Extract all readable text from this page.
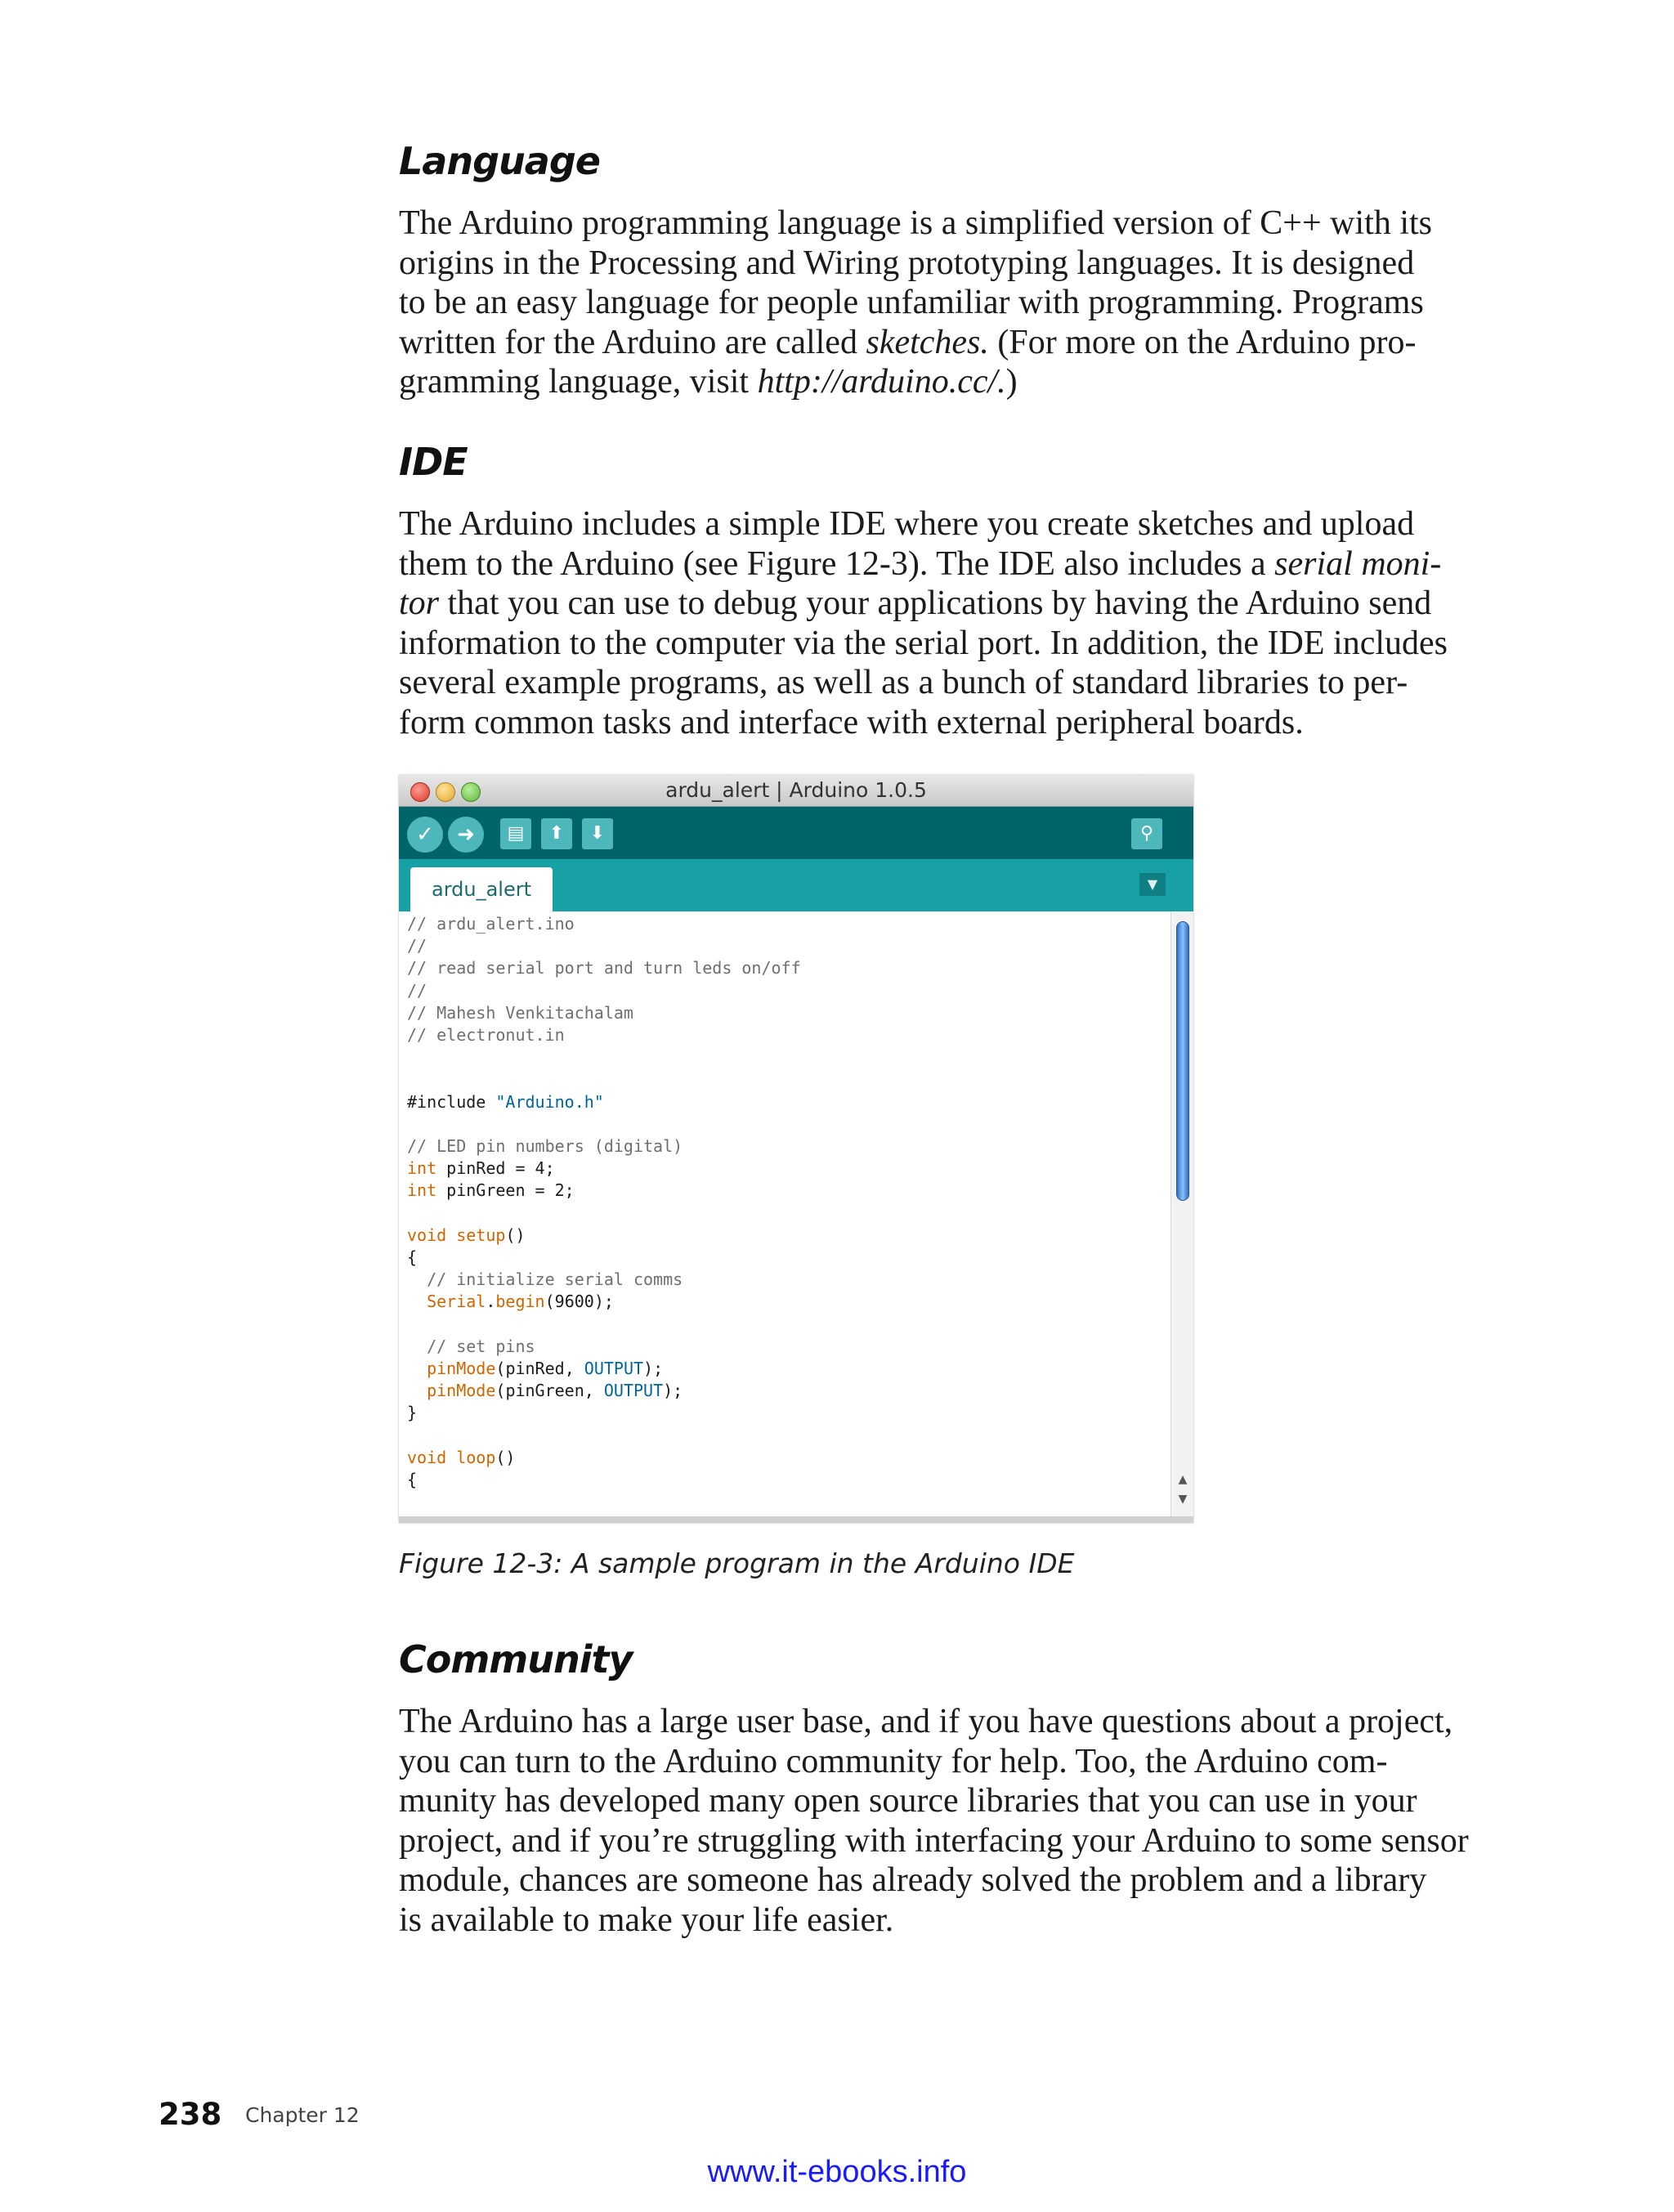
Language
The Arduino programming language is a simplified version of C++ with its
origins in the Processing and Wiring prototyping languages. It is designed
to be an easy language for people unfamiliar with programming. Programs
written for the Arduino are called sketches. (For more on the Arduino pro-
gramming language, visit http://arduino.cc/.)
IDE
The Arduino includes a simple IDE where you create sketches and upload
them to the Arduino (see Figure 12-3). The IDE also includes a serial moni-
tor that you can use to debug your applications by having the Arduino send
information to the computer via the serial port. In addition, the IDE includes
several example programs, as well as a bunch of standard libraries to per-
form common tasks and interface with external peripheral boards.
ardu_alert | Arduino 1.0.5
✓	➜	▤	⬆	⬇	⚲
ardu_alert	▼
// ardu_alert.ino
//
// read serial port and turn leds on/off
//
// Mahesh Venkitachalam
// electronut.in
#include "Arduino.h"
// LED pin numbers (digital)
int pinRed = 4;
int pinGreen = 2;
void setup()
{
// initialize serial comms
Serial.begin(9600);
// set pins
pinMode(pinRed, OUTPUT);
pinMode(pinGreen, OUTPUT);
}
void loop()
{	▲
▼

Figure 12-3: A sample program in the Arduino IDE

Community
The Arduino has a large user base, and if you have questions about a project,
you can turn to the Arduino community for help. Too, the Arduino com-
munity has developed many open source libraries that you can use in your
project, and if you’re struggling with interfacing your Arduino to some sensor
module, chances are someone has already solved the problem and a library
is available to make your life easier.

238 Chapter 12

www.it-ebooks.info
